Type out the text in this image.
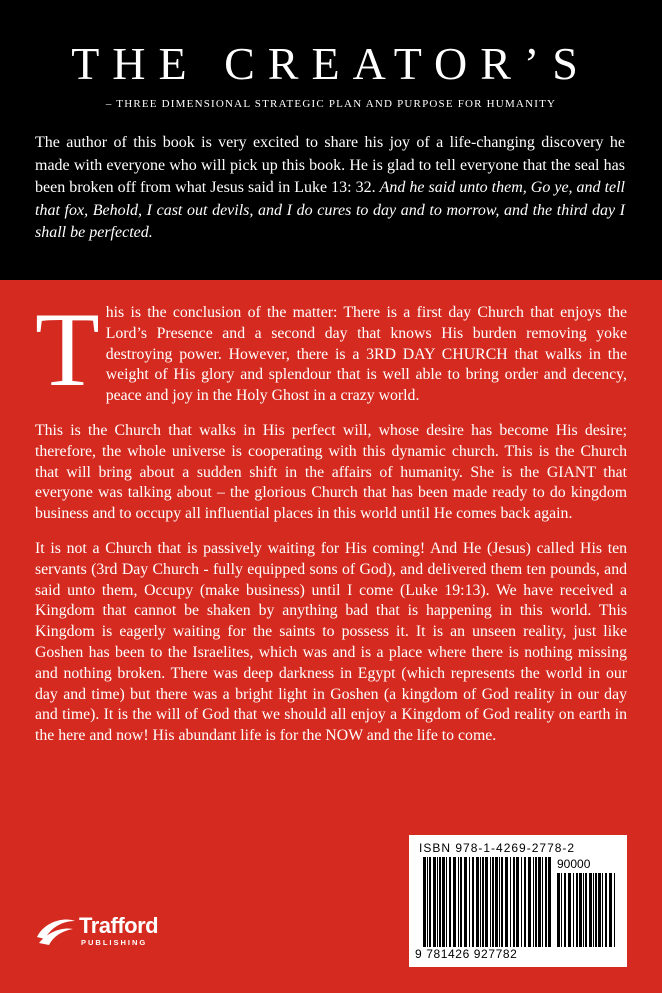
THE CREATOR’S
– THREE DIMENSIONAL STRATEGIC PLAN AND PURPOSE FOR HUMANITY
The author of this book is very excited to share his joy of a life-changing discovery he made with everyone who will pick up this book. He is glad to tell everyone that the seal has been broken off from what Jesus said in Luke 13: 32. And he said unto them, Go ye, and tell that fox, Behold, I cast out devils, and I do cures to day and to morrow, and the third day I shall be perfected.

This is the conclusion of the matter: There is a first day Church that enjoys the Lord’s Presence and a second day that knows His burden removing yoke destroying power. However, there is a 3RD DAY CHURCH that walks in the weight of His glory and splendour that is well able to bring order and decency, peace and joy in the Holy Ghost in a crazy world.

This is the Church that walks in His perfect will, whose desire has become His desire; therefore, the whole universe is cooperating with this dynamic church. This is the Church that will bring about a sudden shift in the affairs of humanity. She is the GIANT that everyone was talking about – the glorious Church that has been made ready to do kingdom business and to occupy all influential places in this world until He comes back again.

It is not a Church that is passively waiting for His coming! And He (Jesus) called His ten servants (3rd Day Church - fully equipped sons of God), and delivered them ten pounds, and said unto them, Occupy (make business) until I come (Luke 19:13). We have received a Kingdom that cannot be shaken by anything bad that is happening in this world. This Kingdom is eagerly waiting for the saints to possess it. It is an unseen reality, just like Goshen has been to the Israelites, which was and is a place where there is nothing missing and nothing broken. There was deep darkness in Egypt (which represents the world in our day and time) but there was a bright light in Goshen (a kingdom of God reality in our day and time). It is the will of God that we should all enjoy a Kingdom of God reality on earth in the here and now! His abundant life is for the NOW and the life to come.

Trafford
PUBLISHING
ISBN 978-1-4269-2778-2
90000
9 781426 927782
